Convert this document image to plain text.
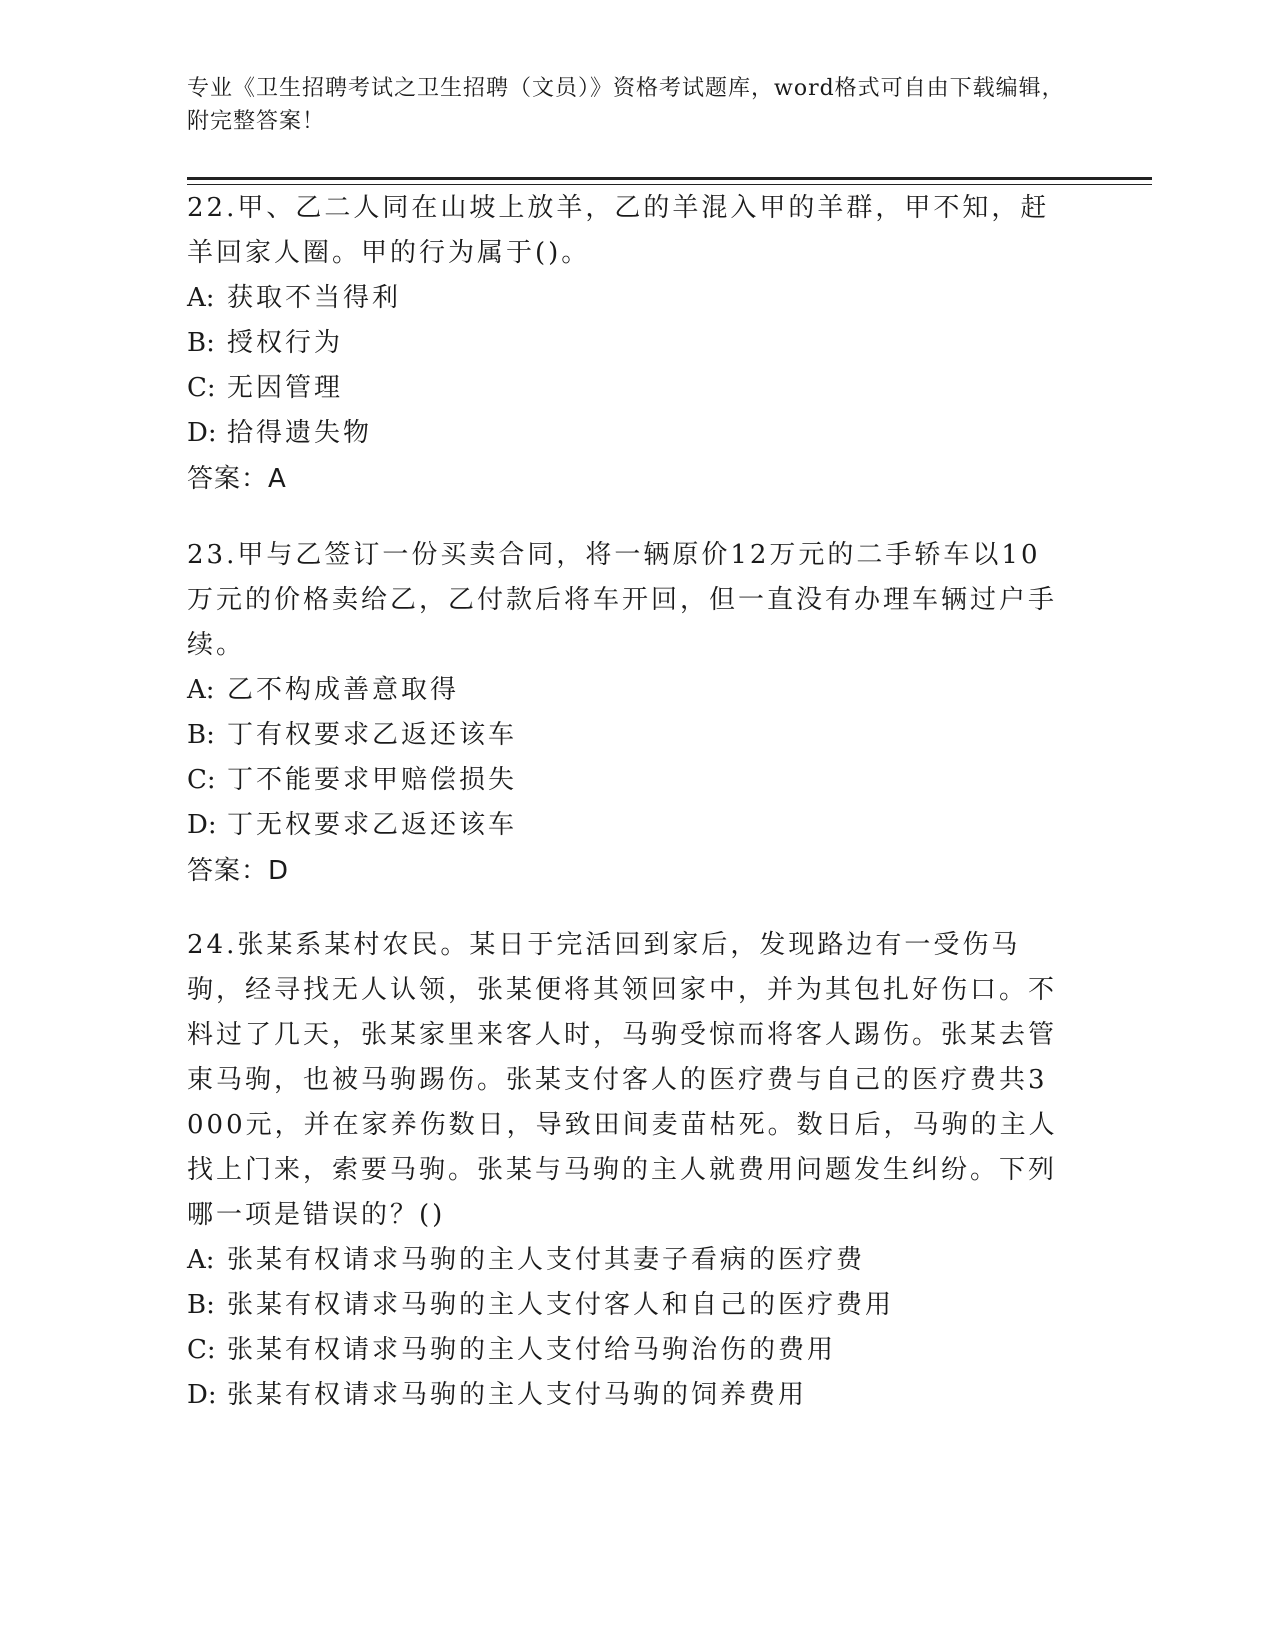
专业《卫生招聘考试之卫生招聘（文员）》资格考试题库，word格式可自由下载编辑，附完整答案！
22.甲、乙二人同在山坡上放羊，乙的羊混入甲的羊群，甲不知，赶羊回家人圈。甲的行为属于()。
A: 获取不当得利
B: 授权行为
C: 无因管理
D: 拾得遗失物
答案：A
23.甲与乙签订一份买卖合同，将一辆原价12万元的二手轿车以10万元的价格卖给乙，乙付款后将车开回，但一直没有办理车辆过户手续。
A: 乙不构成善意取得
B: 丁有权要求乙返还该车
C: 丁不能要求甲赔偿损失
D: 丁无权要求乙返还该车
答案：D
24.张某系某村农民。某日于完活回到家后，发现路边有一受伤马驹，经寻找无人认领，张某便将其领回家中，并为其包扎好伤口。不料过了几天，张某家里来客人时，马驹受惊而将客人踢伤。张某去管束马驹，也被马驹踢伤。张某支付客人的医疗费与自己的医疗费共3000元，并在家养伤数日，导致田间麦苗枯死。数日后，马驹的主人找上门来，索要马驹。张某与马驹的主人就费用问题发生纠纷。下列哪一项是错误的？()
A: 张某有权请求马驹的主人支付其妻子看病的医疗费
B: 张某有权请求马驹的主人支付客人和自己的医疗费用
C: 张某有权请求马驹的主人支付给马驹治伤的费用
D: 张某有权请求马驹的主人支付马驹的饲养费用
